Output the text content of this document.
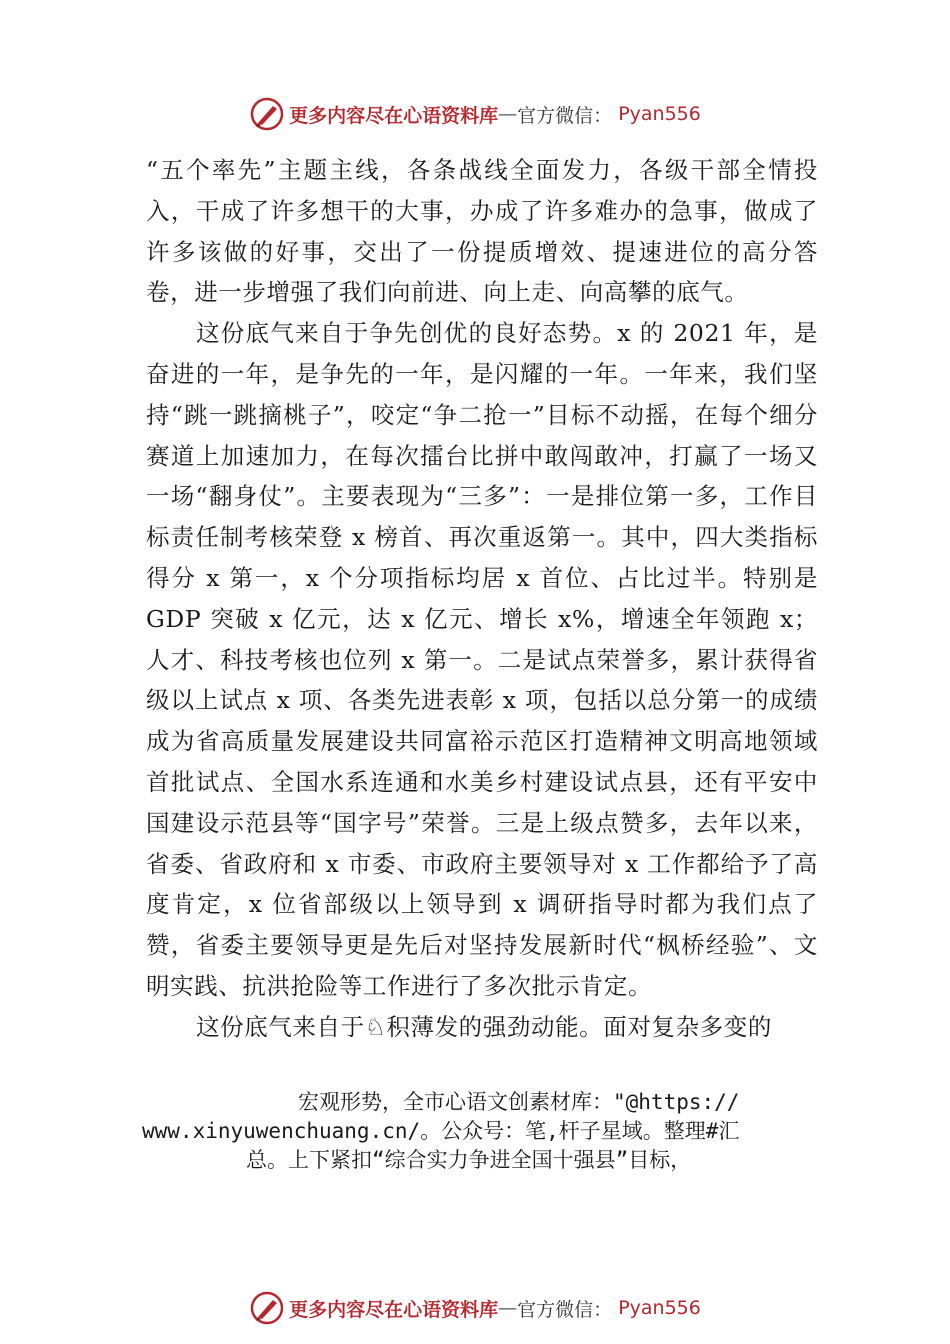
更多内容尽在心语资料库 — 官方微信 ： Pyan556

“五个率先”主题主线，各条战线全面发力，各级干部全情投入，干成了许多想干的大事，办成了许多难办的急事，做成了许多该做的好事，交出了一份提质增效、提速进位的高分答卷，进一步增强了我们向前进、向上走、向高攀的底气。

这份底气来自于争先创优的良好态势。x 的 2021 年，是奋进的一年，是争先的一年，是闪耀的一年。一年来，我们坚持“跳一跳摘桃子”，咬定“争二抢一”目标不动摇，在每个细分赛道上加速加力，在每次擂台比拼中敢闯敢冲，打赢了一场又一场“翻身仗”。主要表现为“三多”：一是排位第一多，工作目标责任制考核荣登 x 榜首、再次重返第一。其中，四大类指标得分 x 第一，x 个分项指标均居 x 首位、占比过半。特别是 GDP 突破 x 亿元，达 x 亿元、增长 x%，增速全年领跑 x；人才、科技考核也位列 x 第一。二是试点荣誉多，累计获得省级以上试点 x 项、各类先进表彰 x 项，包括以总分第一的成绩成为省高质量发展建设共同富裕示范区打造精神文明高地领域首批试点、全国水系连通和水美乡村建设试点县，还有平安中国建设示范县等“国字号”荣誉。三是上级点赞多，去年以来，省委、省政府和 x 市委、市政府主要领导对 x 工作都给予了高度肯定，x 位省部级以上领导到 x 调研指导时都为我们点了赞，省委主要领导更是先后对坚持发展新时代“枫桥经验”、文明实践、抗洪抢险等工作进行了多次批示肯定。

这份底气来自于♘积薄发的强劲动能。面对复杂多变的

宏观形势，全市心语文创素材库："@https://
www.xinyuwenchuang.cn/。公众号：笔,杆子星域。整理#汇
总。上下紧扣“综合实力争进全国十强县”目标，
更多内容尽在心语资料库 — 官方微信 ： Pyan556
